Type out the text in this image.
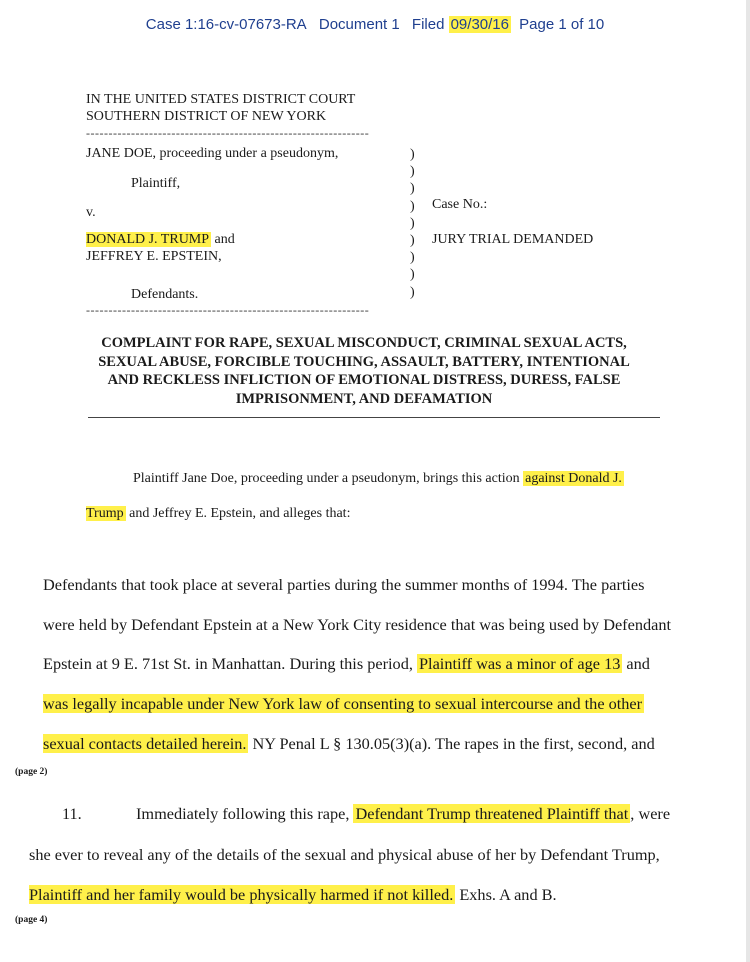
Case 1:16-cv-07673-RA Document 1 Filed 09/30/16 Page 1 of 10
IN THE UNITED STATES DISTRICT COURT
SOUTHERN DISTRICT OF NEW YORK
---------------------------------------------------------------
JANE DOE, proceeding under a pseudonym,
Plaintiff,
v.
DONALD J. TRUMP and
JEFFREY E. EPSTEIN,
Defendants.
---------------------------------------------------------------
)
)
)
)
)
)
)
)
)
Case No.:
JURY TRIAL DEMANDED
COMPLAINT FOR RAPE, SEXUAL MISCONDUCT, CRIMINAL SEXUAL ACTS,
SEXUAL ABUSE, FORCIBLE TOUCHING, ASSAULT, BATTERY, INTENTIONAL
AND RECKLESS INFLICTION OF EMOTIONAL DISTRESS, DURESS, FALSE
IMPRISONMENT, AND DEFAMATION
Plaintiff Jane Doe, proceeding under a pseudonym, brings this action against Donald J.
Trump and Jeffrey E. Epstein, and alleges that:
Defendants that took place at several parties during the summer months of 1994. The parties
were held by Defendant Epstein at a New York City residence that was being used by Defendant
Epstein at 9 E. 71st St. in Manhattan. During this period, Plaintiff was a minor of age 13 and
was legally incapable under New York law of consenting to sexual intercourse and the other
sexual contacts detailed herein. NY Penal L § 130.05(3)(a). The rapes in the first, second, and
(page 2)
11.	Immediately following this rape, Defendant Trump threatened Plaintiff that , were
she ever to reveal any of the details of the sexual and physical abuse of her by Defendant Trump,
Plaintiff and her family would be physically harmed if not killed. Exhs. A and B.
(page 4)
